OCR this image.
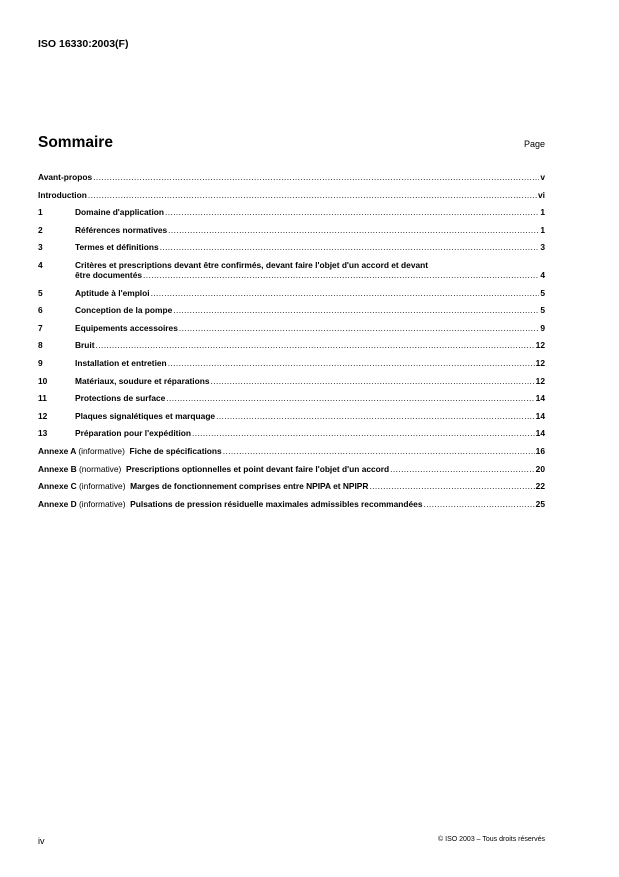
ISO 16330:2003(F)
Sommaire	Page
Avant-propos .....	v
Introduction .....	vi
1	Domaine d'application .....	1
2	Références normatives .....	1
3	Termes et définitions .....	3
4	Critères et prescriptions devant être confirmés, devant faire l'objet d'un accord et devant
être documentés .....	4
5	Aptitude à l'emploi .....	5
6	Conception de la pompe .....	5
7	Equipements accessoires .....	9
8	Bruit .....	12
9	Installation et entretien .....	12
10	Matériaux, soudure et réparations .....	12
11	Protections de surface .....	14
12	Plaques signalétiques et marquage .....	14
13	Préparation pour l'expédition .....	14
Annexe A (informative) Fiche de spécifications .....	16
Annexe B (normative) Prescriptions optionnelles et point devant faire l'objet d'un accord .....	20
Annexe C (informative) Marges de fonctionnement comprises entre NPIPA et NPIPR .....	22
Annexe D (informative) Pulsations de pression résiduelle maximales admissibles recommandées .....	25
iv	© ISO 2003 – Tous droits réservés
